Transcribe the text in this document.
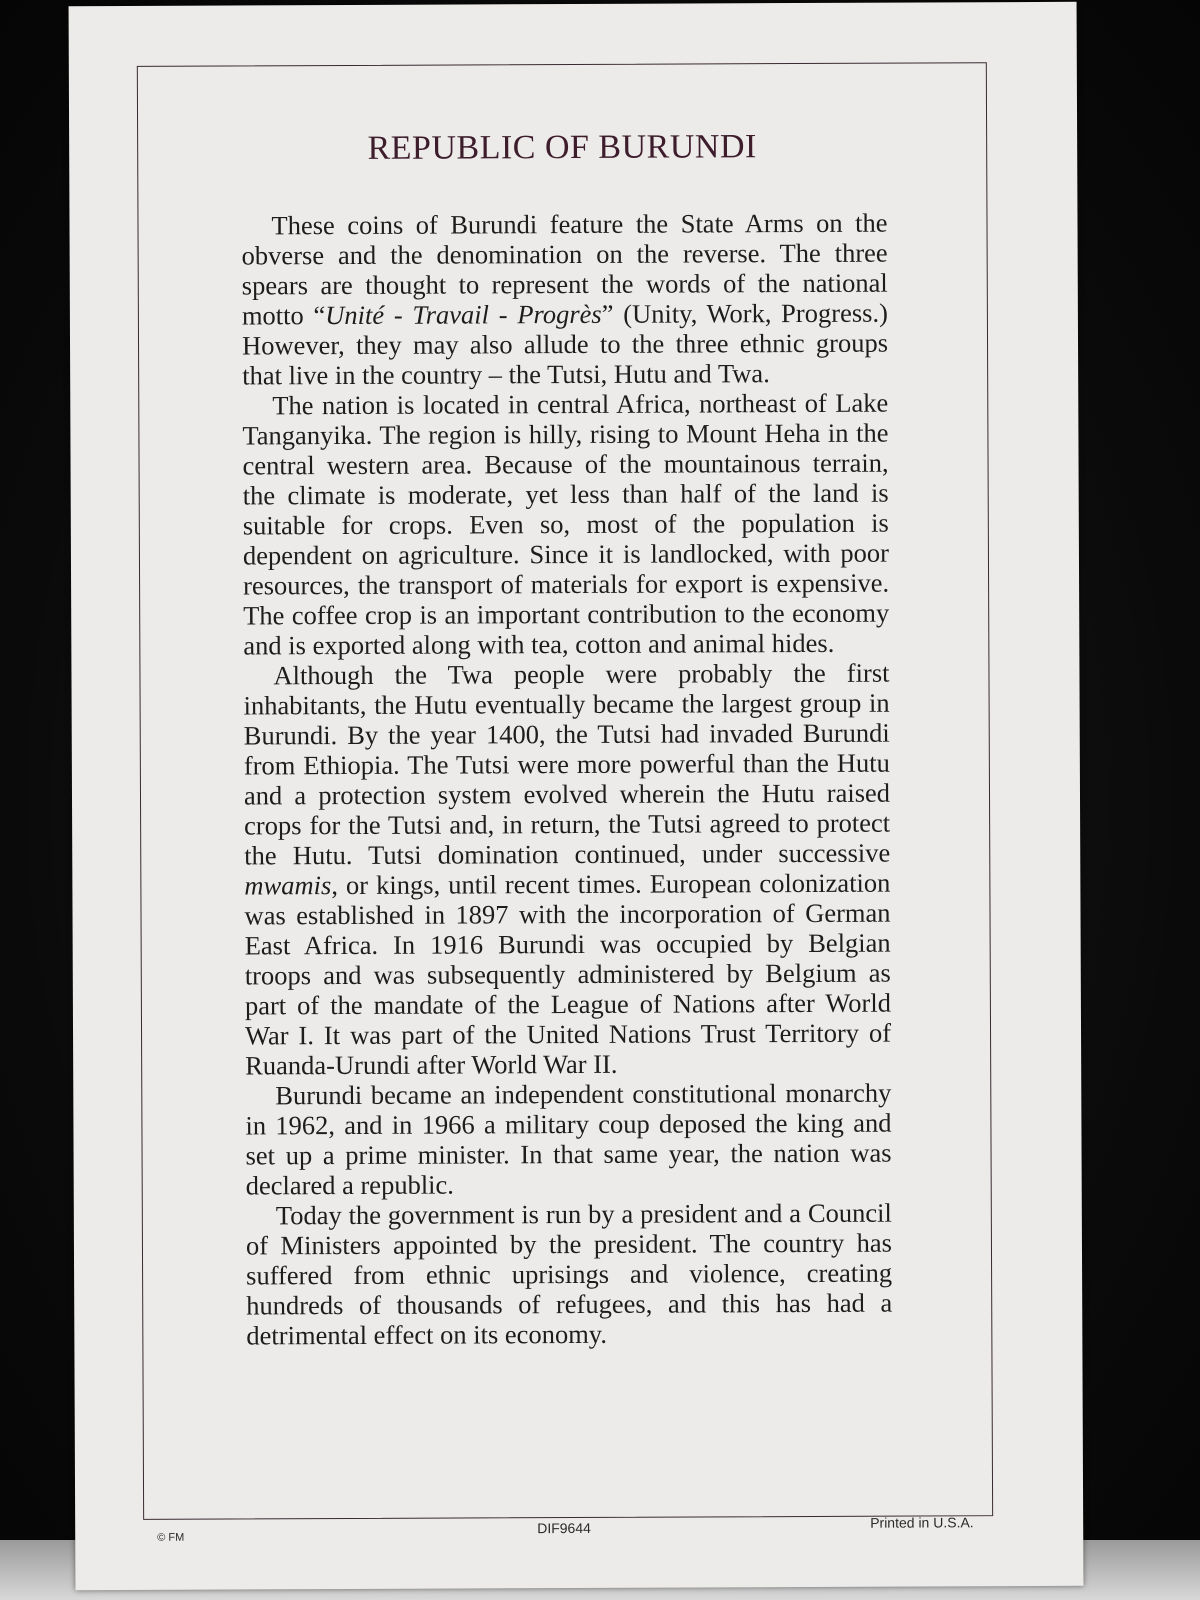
REPUBLIC OF BURUNDI

These coins of Burundi feature the State Arms on the obverse and the denomination on the reverse. The three spears are thought to represent the words of the national motto “Unité - Travail - Progrès” (Unity, Work, Progress.) However, they may also allude to the three ethnic groups that live in the country – the Tutsi, Hutu and Twa.

The nation is located in central Africa, northeast of Lake Tanganyika. The region is hilly, rising to Mount Heha in the central western area. Because of the mountainous terrain, the climate is moderate, yet less than half of the land is suitable for crops. Even so, most of the population is dependent on agriculture. Since it is landlocked, with poor resources, the transport of materials for export is expensive. The coffee crop is an important contribution to the economy and is exported along with tea, cotton and animal hides.

Although the Twa people were probably the first inhabitants, the Hutu eventually became the largest group in Burundi. By the year 1400, the Tutsi had invaded Burundi from Ethiopia. The Tutsi were more powerful than the Hutu and a protection system evolved wherein the Hutu raised crops for the Tutsi and, in return, the Tutsi agreed to protect the Hutu. Tutsi domination continued, under successive mwamis, or kings, until recent times. European colonization was established in 1897 with the incorporation of German East Africa. In 1916 Burundi was occupied by Belgian troops and was subsequently administered by Belgium as part of the mandate of the League of Nations after World War I. It was part of the United Nations Trust Territory of Ruanda-Urundi after World War II.

Burundi became an independent constitutional monarchy in 1962, and in 1966 a military coup deposed the king and set up a prime minister. In that same year, the nation was declared a republic.

Today the government is run by a president and a Council of Ministers appointed by the president. The country has suffered from ethnic uprisings and violence, creating hundreds of thousands of refugees, and this has had a detrimental effect on its economy.

© FM
DIF9644	Printed in U.S.A.
